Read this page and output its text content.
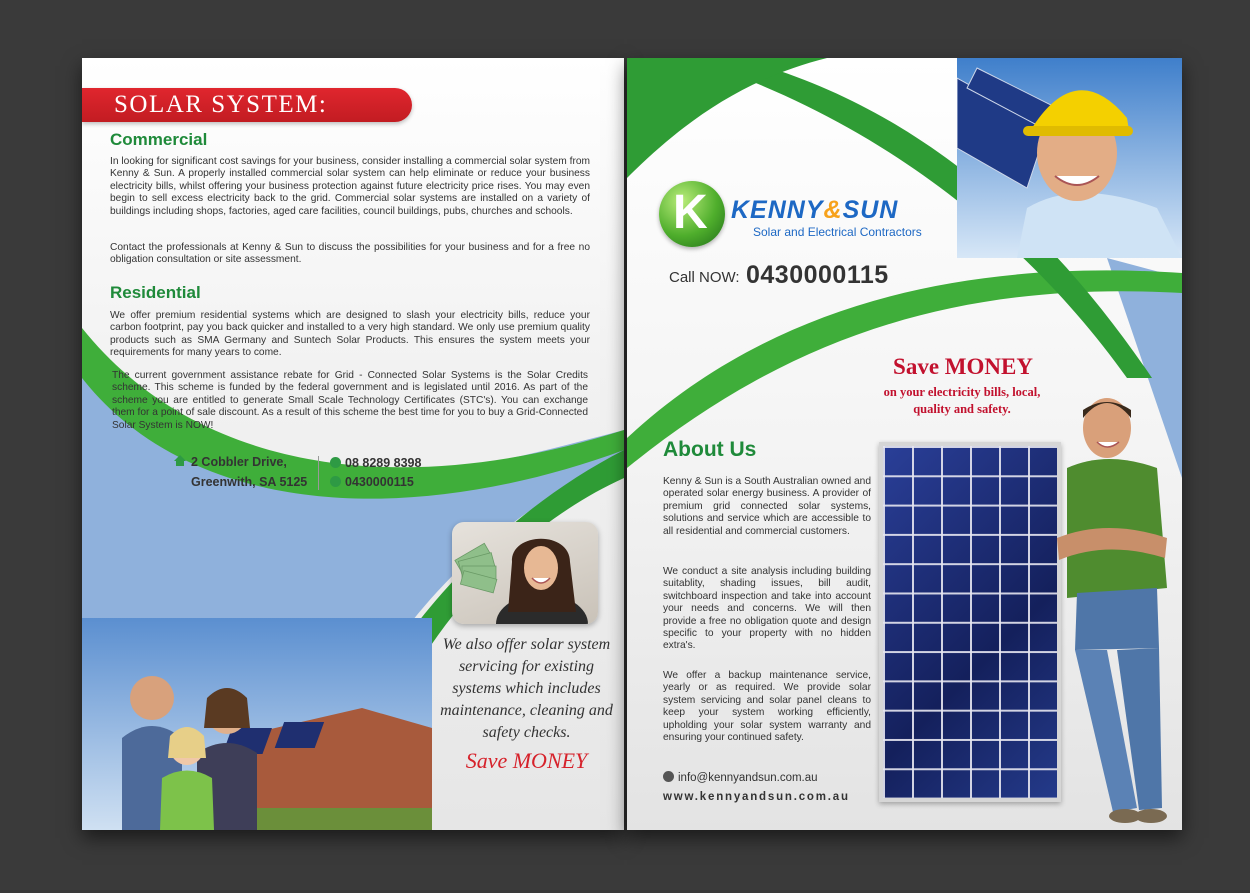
SOLAR SYSTEM:
Commercial
In looking for significant cost savings for your business, consider installing a commercial solar system from Kenny & Sun. A properly installed commercial solar system can help eliminate or reduce your business electricity bills, whilst offering your business protection against future electricity price rises. You may even begin to sell excess electricity back to the grid. Commercial solar systems are installed on a variety of buildings including shops, factories, aged care facilities, council buildings, pubs, churches and schools.
Contact the professionals at Kenny & Sun to discuss the possibilities for your business and for a free no obligation consultation or site assessment.
Residential
We offer premium residential systems which are designed to slash your electricity bills, reduce your carbon footprint, pay you back quicker and installed to a very high standard. We only use premium quality products such as SMA Germany and Suntech Solar Products. This ensures the system meets your requirements for many years to come.
The current government assistance rebate for Grid - Connected Solar Systems is the Solar Credits scheme. This scheme is funded by the federal government and is legislated until 2016. As part of the scheme you are entitled to generate Small Scale Technology Certificates (STC's). You can exchange them for a point of sale discount. As a result of this scheme the best time for you to buy a Grid-Connected Solar System is NOW!
2 Cobbler Drive,
Greenwith, SA 5125
08 8289 8398
0430000115
We also offer solar system servicing for existing systems which includes maintenance, cleaning and safety checks.
Save MONEY
K KENNY&SUN
Solar and Electrical Contractors
Call NOW: 0430000115
Save MONEY
on your electricity bills, local, quality and safety.
About Us
Kenny & Sun is a South Australian owned and operated solar energy business. A provider of premium grid connected solar systems, solutions and service which are accessible to all residential and commercial customers.
We conduct a site analysis including building suitablity, shading issues, bill audit, switchboard inspection and take into account your needs and concerns. We will then provide a free no obligation quote and design specific to your property with no hidden extra's.
We offer a backup maintenance service, yearly or as required. We provide solar system servicing and solar panel cleans to keep your system working efficiently, upholding your solar system warranty and ensuring your continued safety.
info@kennyandsun.com.au
www.kennyandsun.com.au
